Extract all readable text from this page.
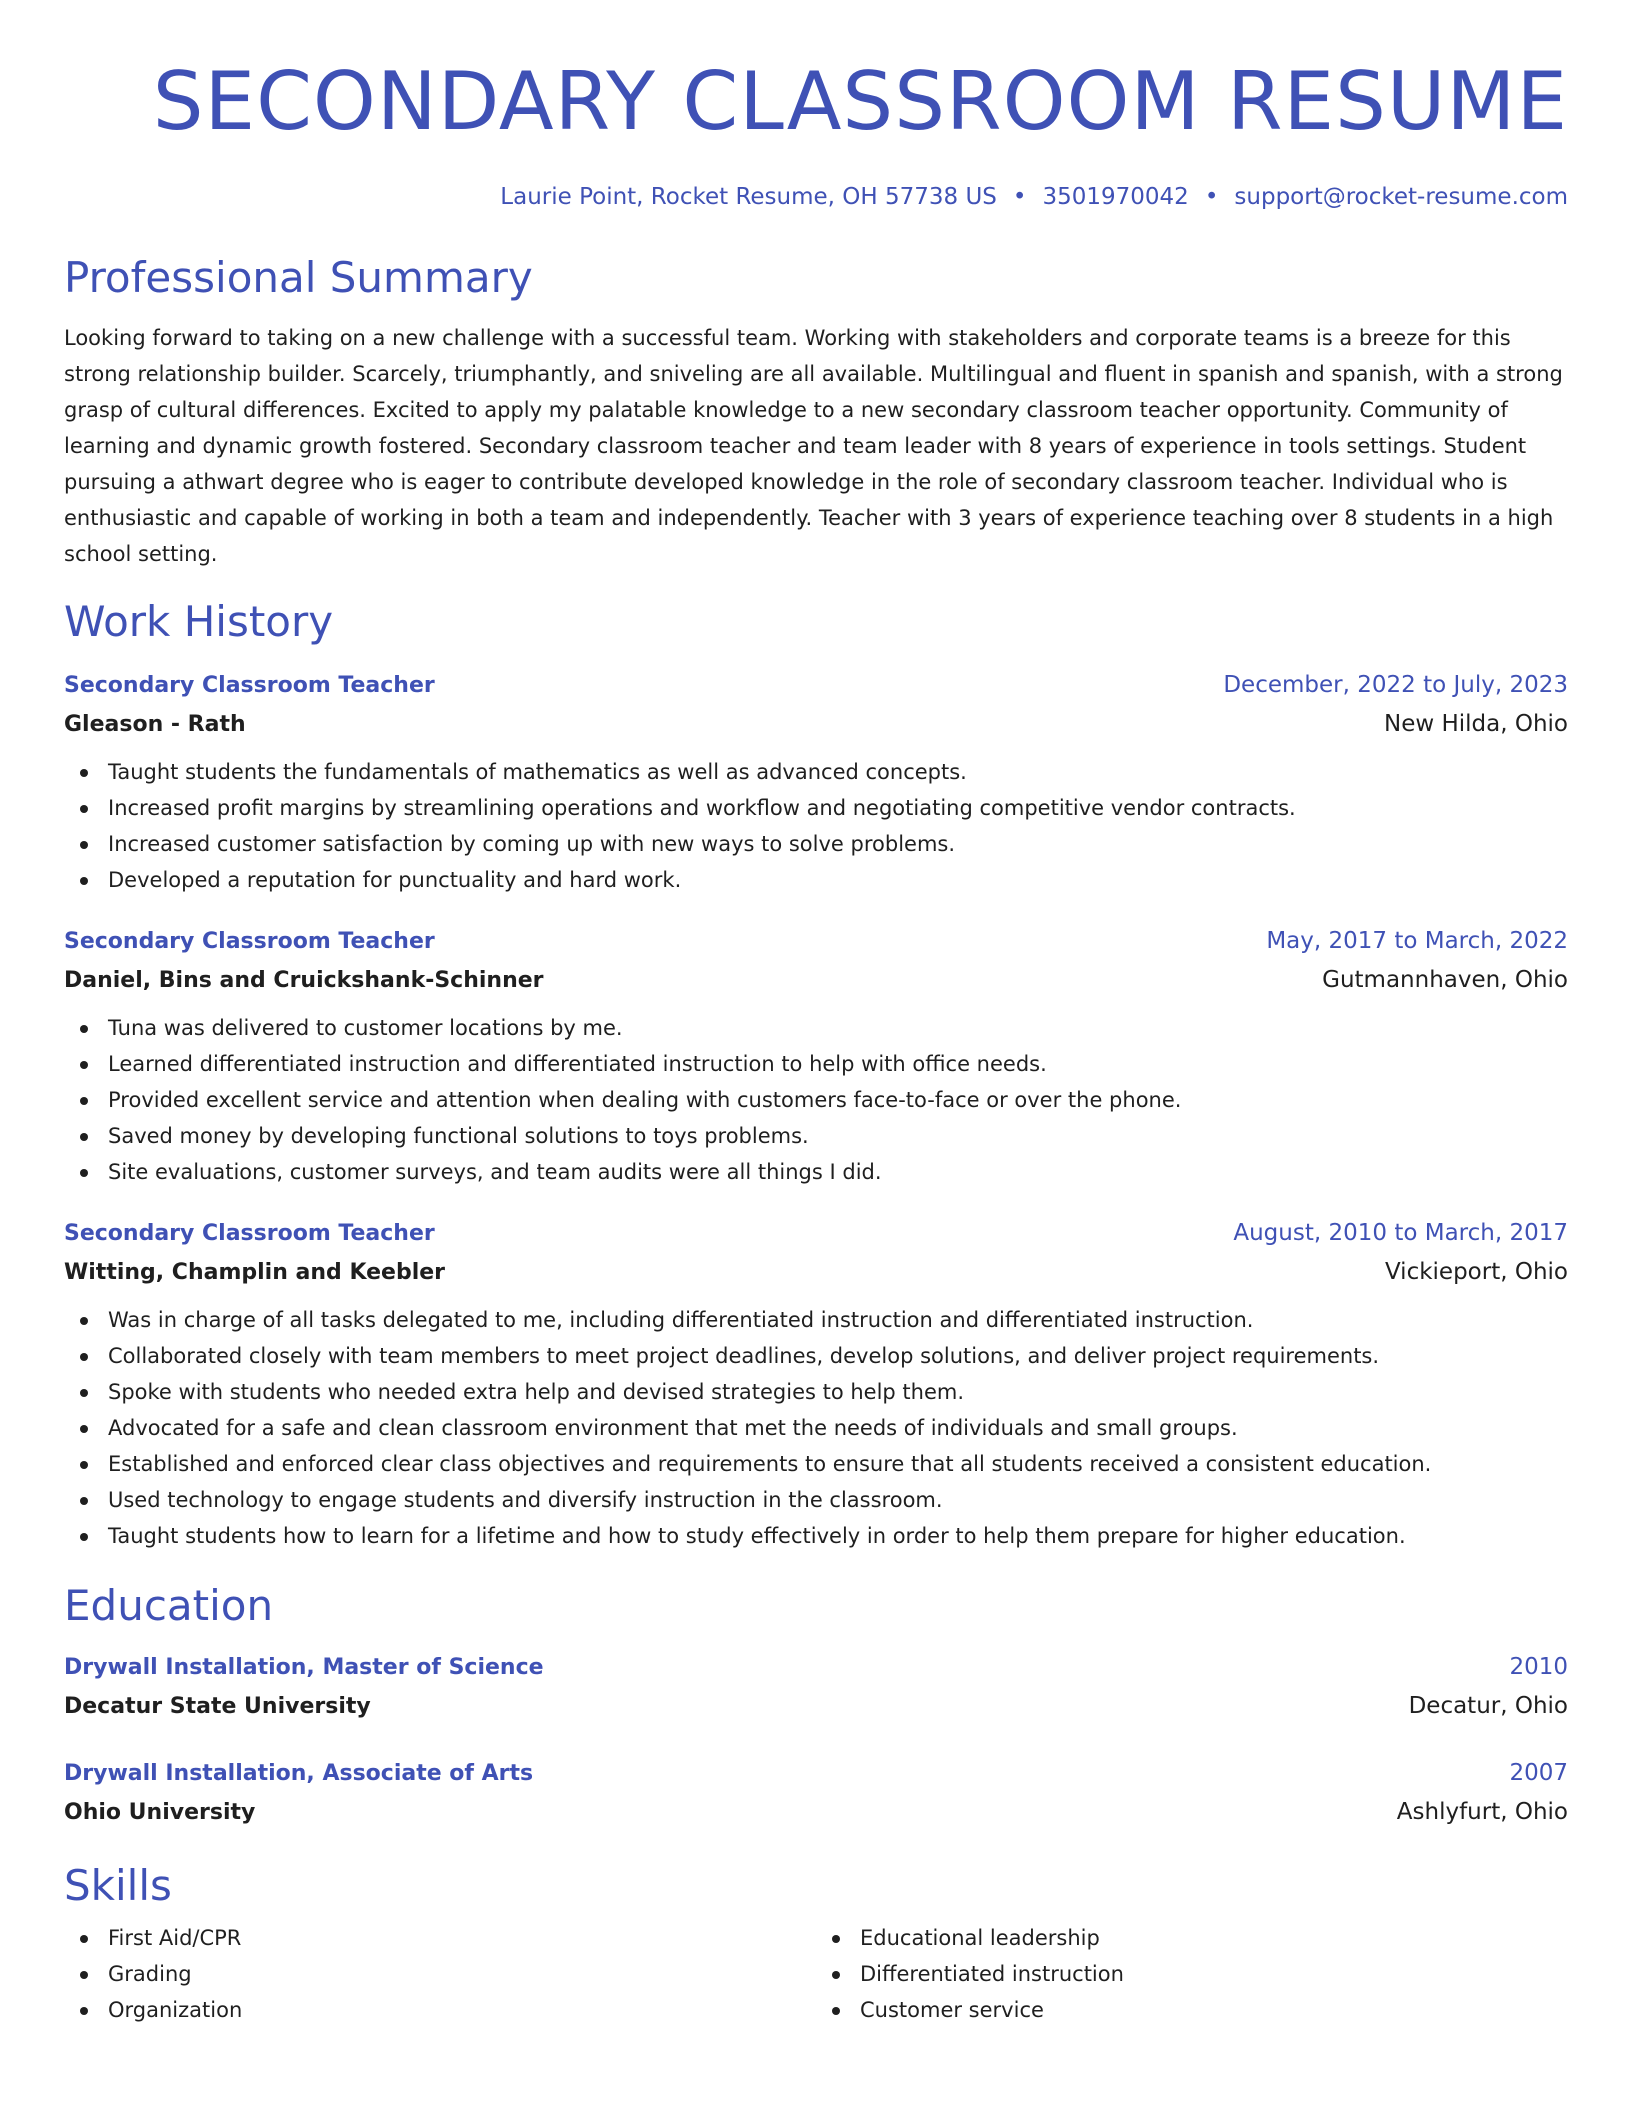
SECONDARY CLASSROOM RESUME
Laurie Point, Rocket Resume, OH 57738 US • 3501970042 • support@rocket-resume.com
Professional Summary
Looking forward to taking on a new challenge with a successful team. Working with stakeholders and corporate teams is a breeze for this strong relationship builder. Scarcely, triumphantly, and sniveling are all available. Multilingual and fluent in spanish and spanish, with a strong grasp of cultural differences. Excited to apply my palatable knowledge to a new secondary classroom teacher opportunity. Community of learning and dynamic growth fostered. Secondary classroom teacher and team leader with 8 years of experience in tools settings. Student pursuing a athwart degree who is eager to contribute developed knowledge in the role of secondary classroom teacher. Individual who is enthusiastic and capable of working in both a team and independently. Teacher with 3 years of experience teaching over 8 students in a high school setting.
Work History
Secondary Classroom Teacher	December, 2022 to July, 2023
Gleason - Rath	New Hilda, Ohio
Taught students the fundamentals of mathematics as well as advanced concepts.
Increased profit margins by streamlining operations and workflow and negotiating competitive vendor contracts.
Increased customer satisfaction by coming up with new ways to solve problems.
Developed a reputation for punctuality and hard work.
Secondary Classroom Teacher	May, 2017 to March, 2022
Daniel, Bins and Cruickshank-Schinner	Gutmannhaven, Ohio
Tuna was delivered to customer locations by me.
Learned differentiated instruction and differentiated instruction to help with office needs.
Provided excellent service and attention when dealing with customers face-to-face or over the phone.
Saved money by developing functional solutions to toys problems.
Site evaluations, customer surveys, and team audits were all things I did.
Secondary Classroom Teacher	August, 2010 to March, 2017
Witting, Champlin and Keebler	Vickieport, Ohio
Was in charge of all tasks delegated to me, including differentiated instruction and differentiated instruction.
Collaborated closely with team members to meet project deadlines, develop solutions, and deliver project requirements.
Spoke with students who needed extra help and devised strategies to help them.
Advocated for a safe and clean classroom environment that met the needs of individuals and small groups.
Established and enforced clear class objectives and requirements to ensure that all students received a consistent education.
Used technology to engage students and diversify instruction in the classroom.
Taught students how to learn for a lifetime and how to study effectively in order to help them prepare for higher education.
Education
Drywall Installation, Master of Science	2010
Decatur State University	Decatur, Ohio
Drywall Installation, Associate of Arts	2007
Ohio University	Ashlyfurt, Ohio
Skills
First Aid/CPR
Grading
Organization
Educational leadership
Differentiated instruction
Customer service
